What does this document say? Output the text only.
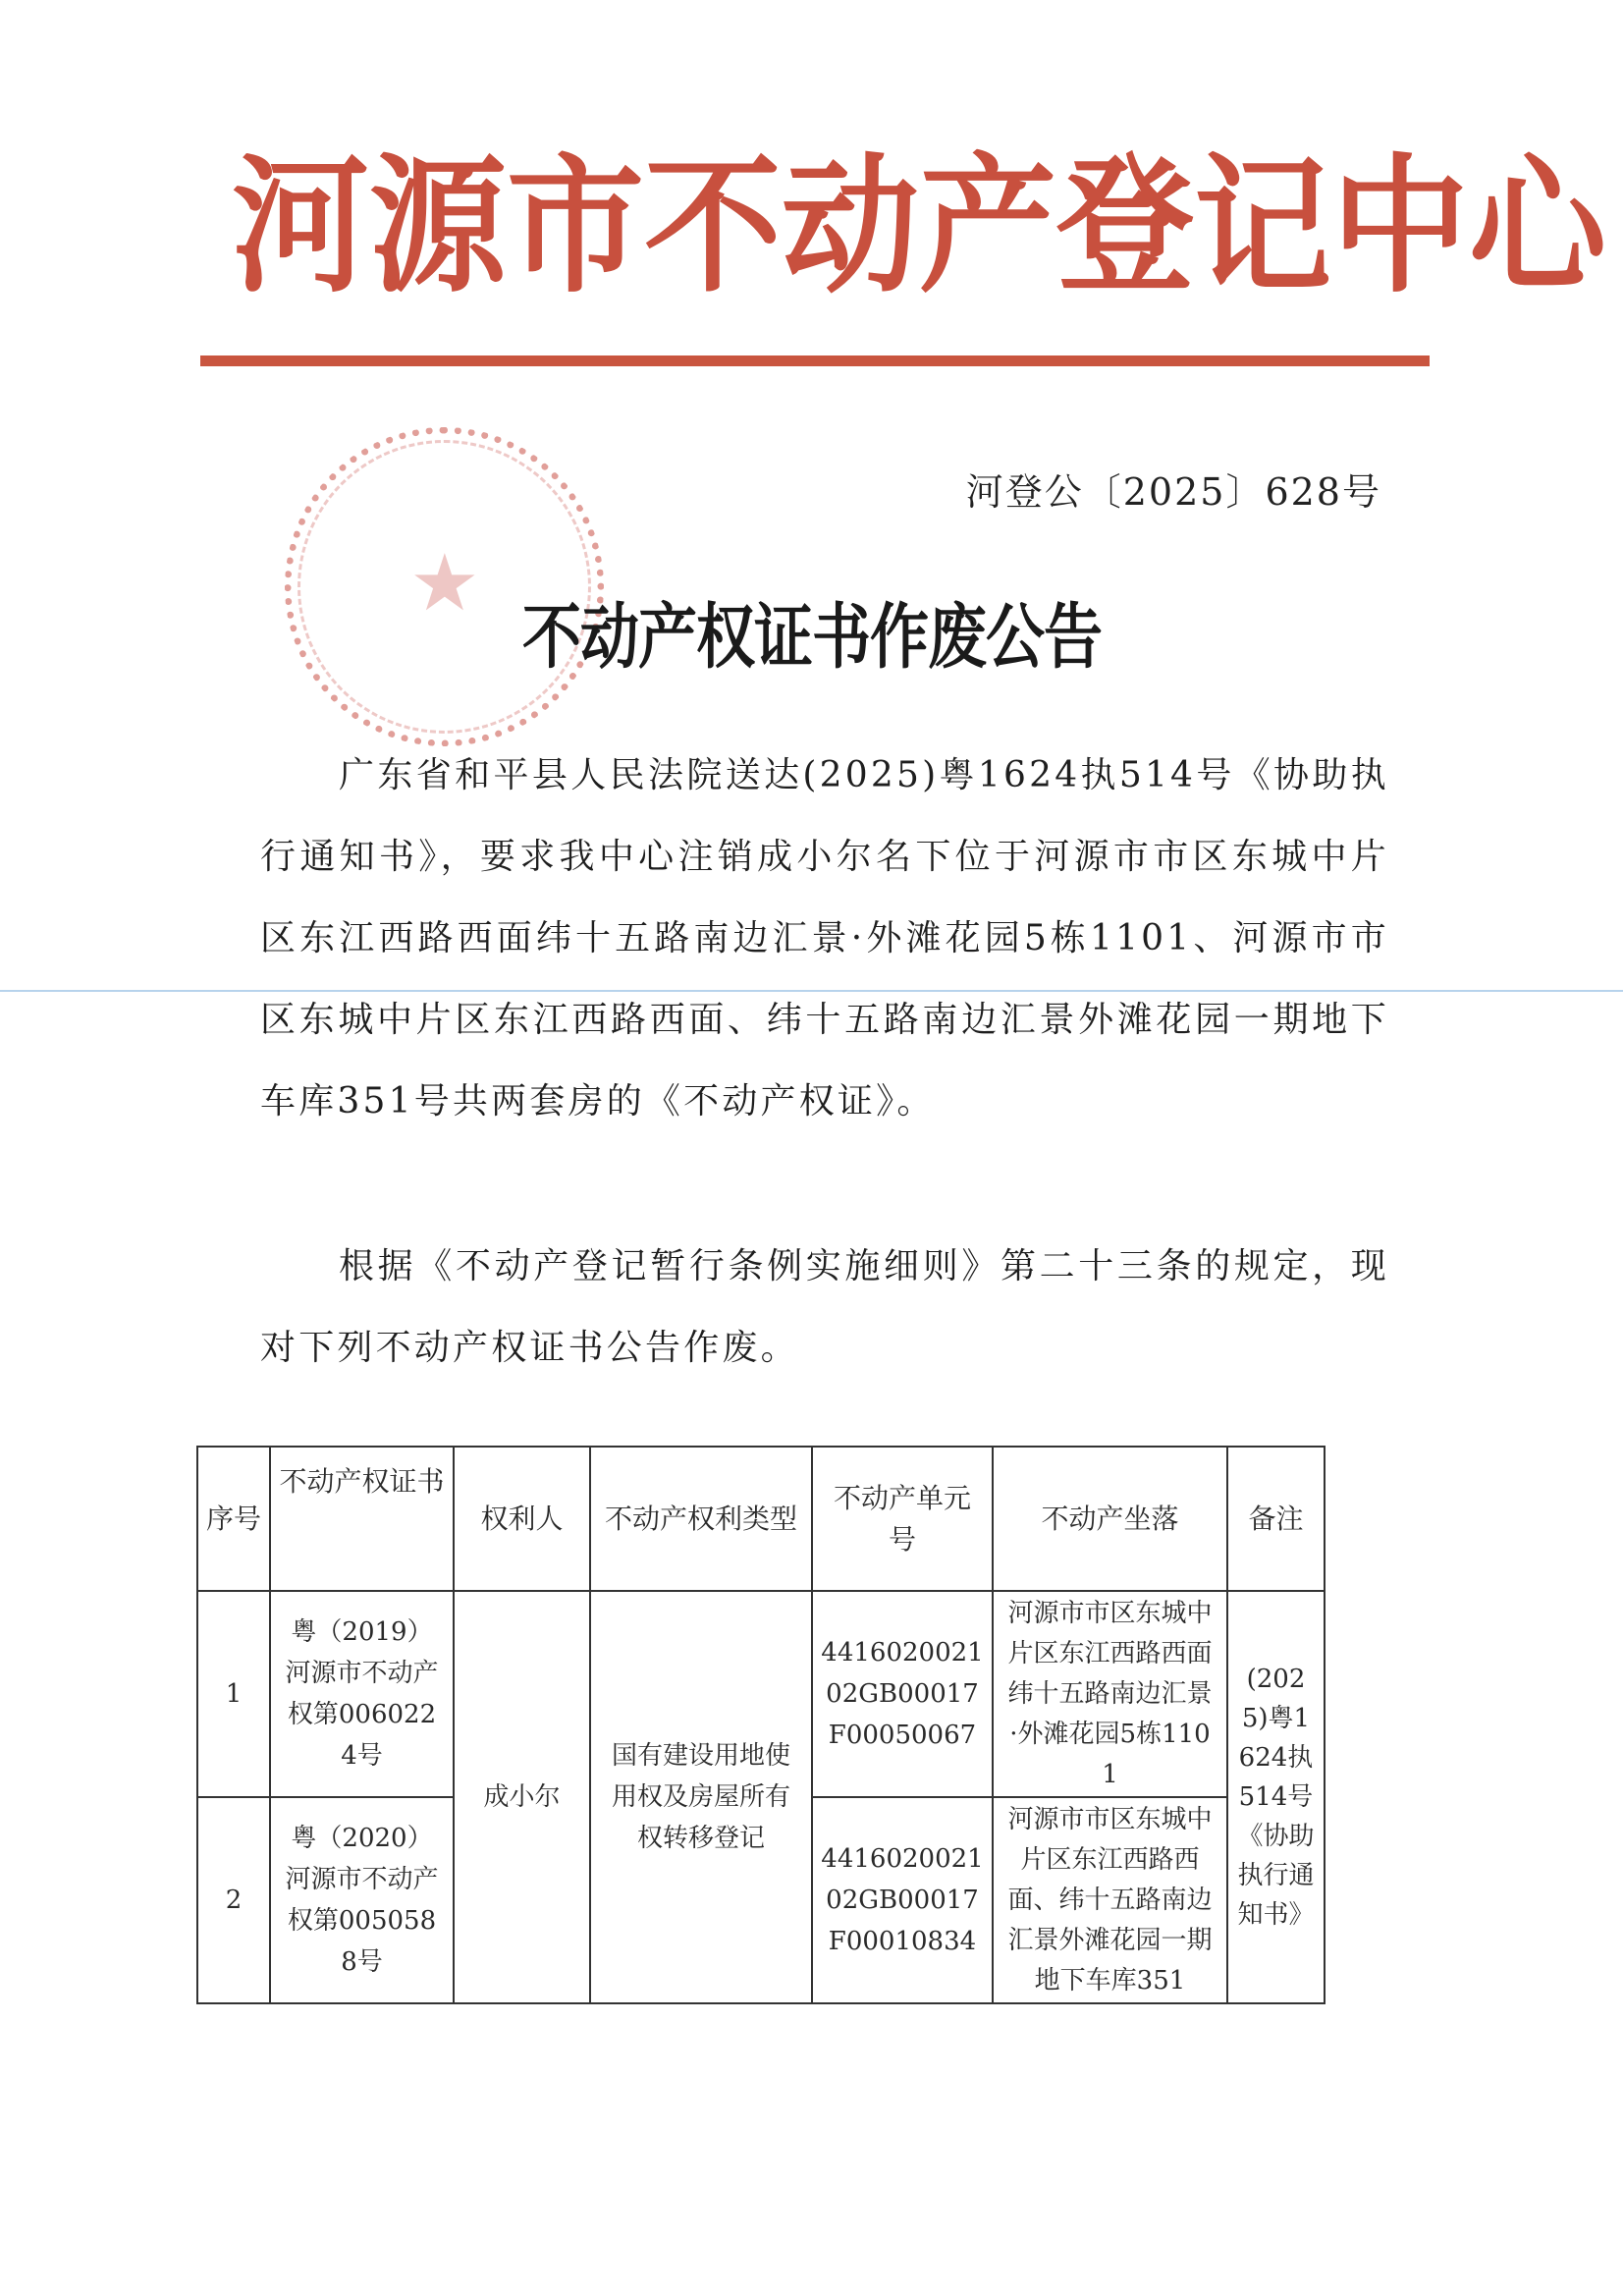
河 源 市 不 动 产 登 记 中 心
★
河登公〔2025〕628号
不动产权证书作废公告
广东省和平县人民法院送达(2025)粤1624执514号《协助执行通知书》，要求我中心注销成小尔名下位于河源市市区东城中片区东江西路西面纬十五路南边汇景·外滩花园5栋1101、河源市市区东城中片区东江西路西面、纬十五路南边汇景外滩花园一期地下车库351号共两套房的《不动产权证》。
根据《不动产登记暂行条例实施细则》第二十三条的规定，现对下列不动产权证书公告作废。
序号	不动产权证书	权利人	不动产权利类型	不动产单元号	不动产坐落	备注
1	粤（2019）河源市不动产权第0060224号	成小尔	国有建设用地使用权及房屋所有权转移登记	441602002102GB00017F00050067	河源市市区东城中片区东江西路西面纬十五路南边汇景·外滩花园5栋1101	(2025)粤1624执514号《协助执行通知书》
2	粤（2020）河源市不动产权第0050588号			441602002102GB00017F00010834	河源市市区东城中片区东江西路西面、纬十五路南边汇景外滩花园一期地下车库351	
